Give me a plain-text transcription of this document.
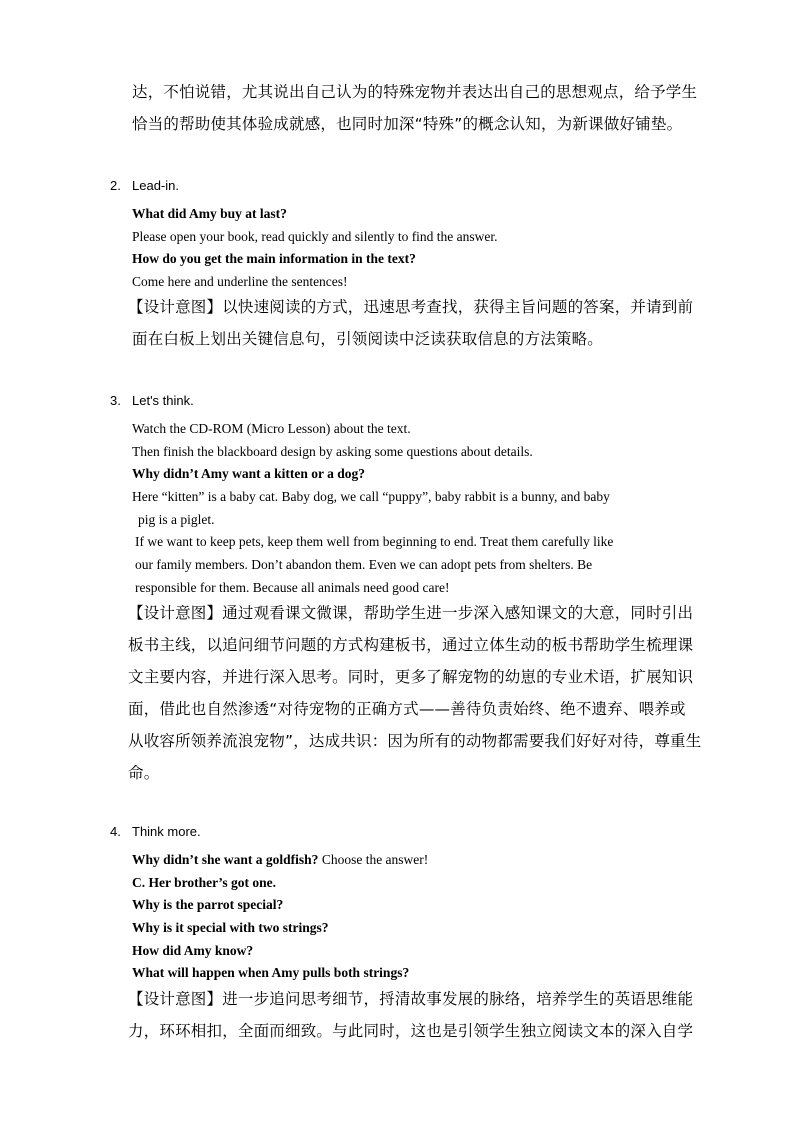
达，不怕说错，尤其说出自己认为的特殊宠物并表达出自己的思想观点，给予学生
恰当的帮助使其体验成就感，也同时加深“特殊”的概念认知，为新课做好铺垫。
2. Lead-in.
What did Amy buy at last?
Please open your book, read quickly and silently to find the answer.
How do you get the main information in the text?
Come here and underline the sentences!
【设计意图】以快速阅读的方式，迅速思考查找，获得主旨问题的答案，并请到前
面在白板上划出关键信息句，引领阅读中泛读获取信息的方法策略。
3. Let's think.
Watch the CD-ROM (Micro Lesson) about the text.
Then finish the blackboard design by asking some questions about details.
Why didn’t Amy want a kitten or a dog?
Here “kitten” is a baby cat. Baby dog, we call “puppy”, baby rabbit is a bunny, and baby
pig is a piglet.
If we want to keep pets, keep them well from beginning to end. Treat them carefully like
our family members. Don’t abandon them. Even we can adopt pets from shelters. Be
responsible for them. Because all animals need good care!
【设计意图】通过观看课文微课，帮助学生进一步深入感知课文的大意，同时引出
板书主线，以追问细节问题的方式构建板书，通过立体生动的板书帮助学生梳理课
文主要内容，并进行深入思考。同时，更多了解宠物的幼崽的专业术语，扩展知识
面，借此也自然渗透“对待宠物的正确方式——善待负责始终、绝不遗弃、喂养或
从收容所领养流浪宠物”，达成共识：因为所有的动物都需要我们好好对待，尊重生
命。
4. Think more.
Why didn’t she want a goldfish? Choose the answer!
C. Her brother’s got one.
Why is the parrot special?
Why is it special with two strings?
How did Amy know?
What will happen when Amy pulls both strings?
【设计意图】进一步追问思考细节，捋清故事发展的脉络，培养学生的英语思维能
力，环环相扣，全面而细致。与此同时，这也是引领学生独立阅读文本的深入自学
